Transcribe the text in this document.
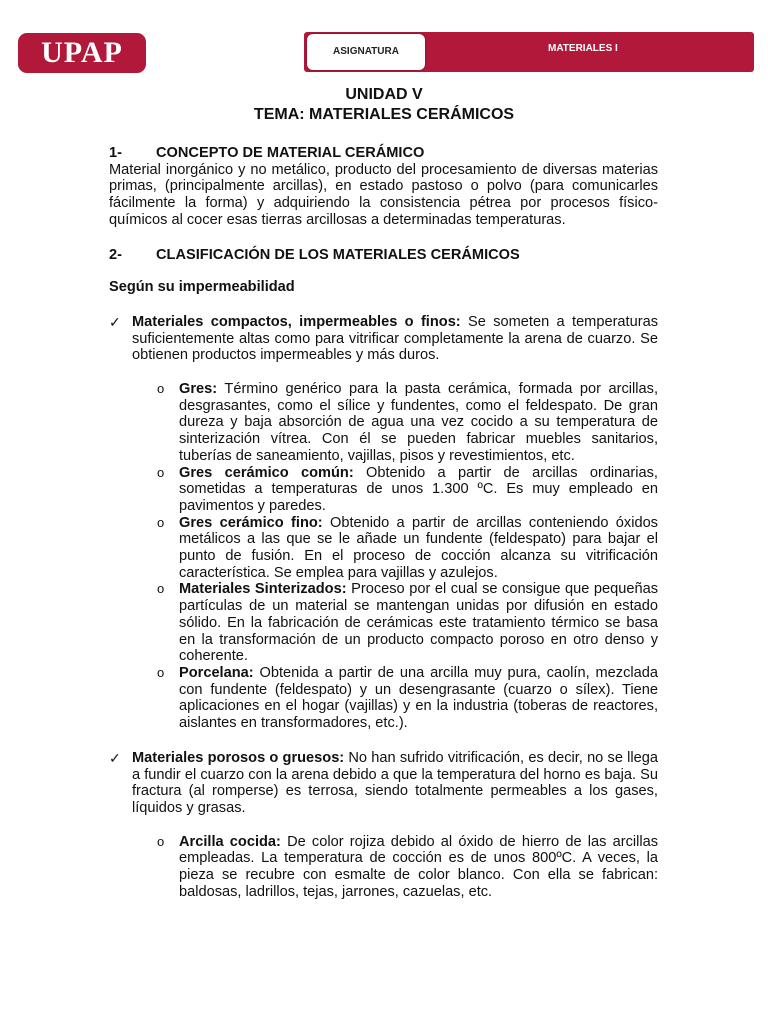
UPAP	ASIGNATURA	MATERIALES I
UNIDAD V
TEMA: MATERIALES CERÁMICOS
1-	CONCEPTO DE MATERIAL CERÁMICO
Material inorgánico y no metálico, producto del procesamiento de diversas materias primas, (principalmente arcillas), en estado pastoso o polvo (para comunicarles fácilmente la forma) y adquiriendo la consistencia pétrea por procesos físico-químicos al cocer esas tierras arcillosas a determinadas temperaturas.
2-	CLASIFICACIÓN DE LOS MATERIALES CERÁMICOS
Según su impermeabilidad
✓ Materiales compactos, impermeables o finos: Se someten a temperaturas suficientemente altas como para vitrificar completamente la arena de cuarzo. Se obtienen productos impermeables y más duros.
o Gres: Término genérico para la pasta cerámica, formada por arcillas, desgrasantes, como el sílice y fundentes, como el feldespato. De gran dureza y baja absorción de agua una vez cocido a su temperatura de sinterización vítrea. Con él se pueden fabricar muebles sanitarios, tuberías de saneamiento, vajillas, pisos y revestimientos, etc.
o Gres cerámico común: Obtenido a partir de arcillas ordinarias, sometidas a temperaturas de unos 1.300 ºC. Es muy empleado en pavimentos y paredes.
o Gres cerámico fino: Obtenido a partir de arcillas conteniendo óxidos metálicos a las que se le añade un fundente (feldespato) para bajar el punto de fusión. En el proceso de cocción alcanza su vitrificación característica. Se emplea para vajillas y azulejos.
o Materiales Sinterizados: Proceso por el cual se consigue que pequeñas partículas de un material se mantengan unidas por difusión en estado sólido. En la fabricación de cerámicas este tratamiento térmico se basa en la transformación de un producto compacto poroso en otro denso y coherente.
o Porcelana: Obtenida a partir de una arcilla muy pura, caolín, mezclada con fundente (feldespato) y un desengrasante (cuarzo o sílex). Tiene aplicaciones en el hogar (vajillas) y en la industria (toberas de reactores, aislantes en transformadores, etc.).
✓ Materiales porosos o gruesos: No han sufrido vitrificación, es decir, no se llega a fundir el cuarzo con la arena debido a que la temperatura del horno es baja. Su fractura (al romperse) es terrosa, siendo totalmente permeables a los gases, líquidos y grasas.
o Arcilla cocida: De color rojiza debido al óxido de hierro de las arcillas empleadas. La temperatura de cocción es de unos 800ºC. A veces, la pieza se recubre con esmalte de color blanco. Con ella se fabrican: baldosas, ladrillos, tejas, jarrones, cazuelas, etc.
